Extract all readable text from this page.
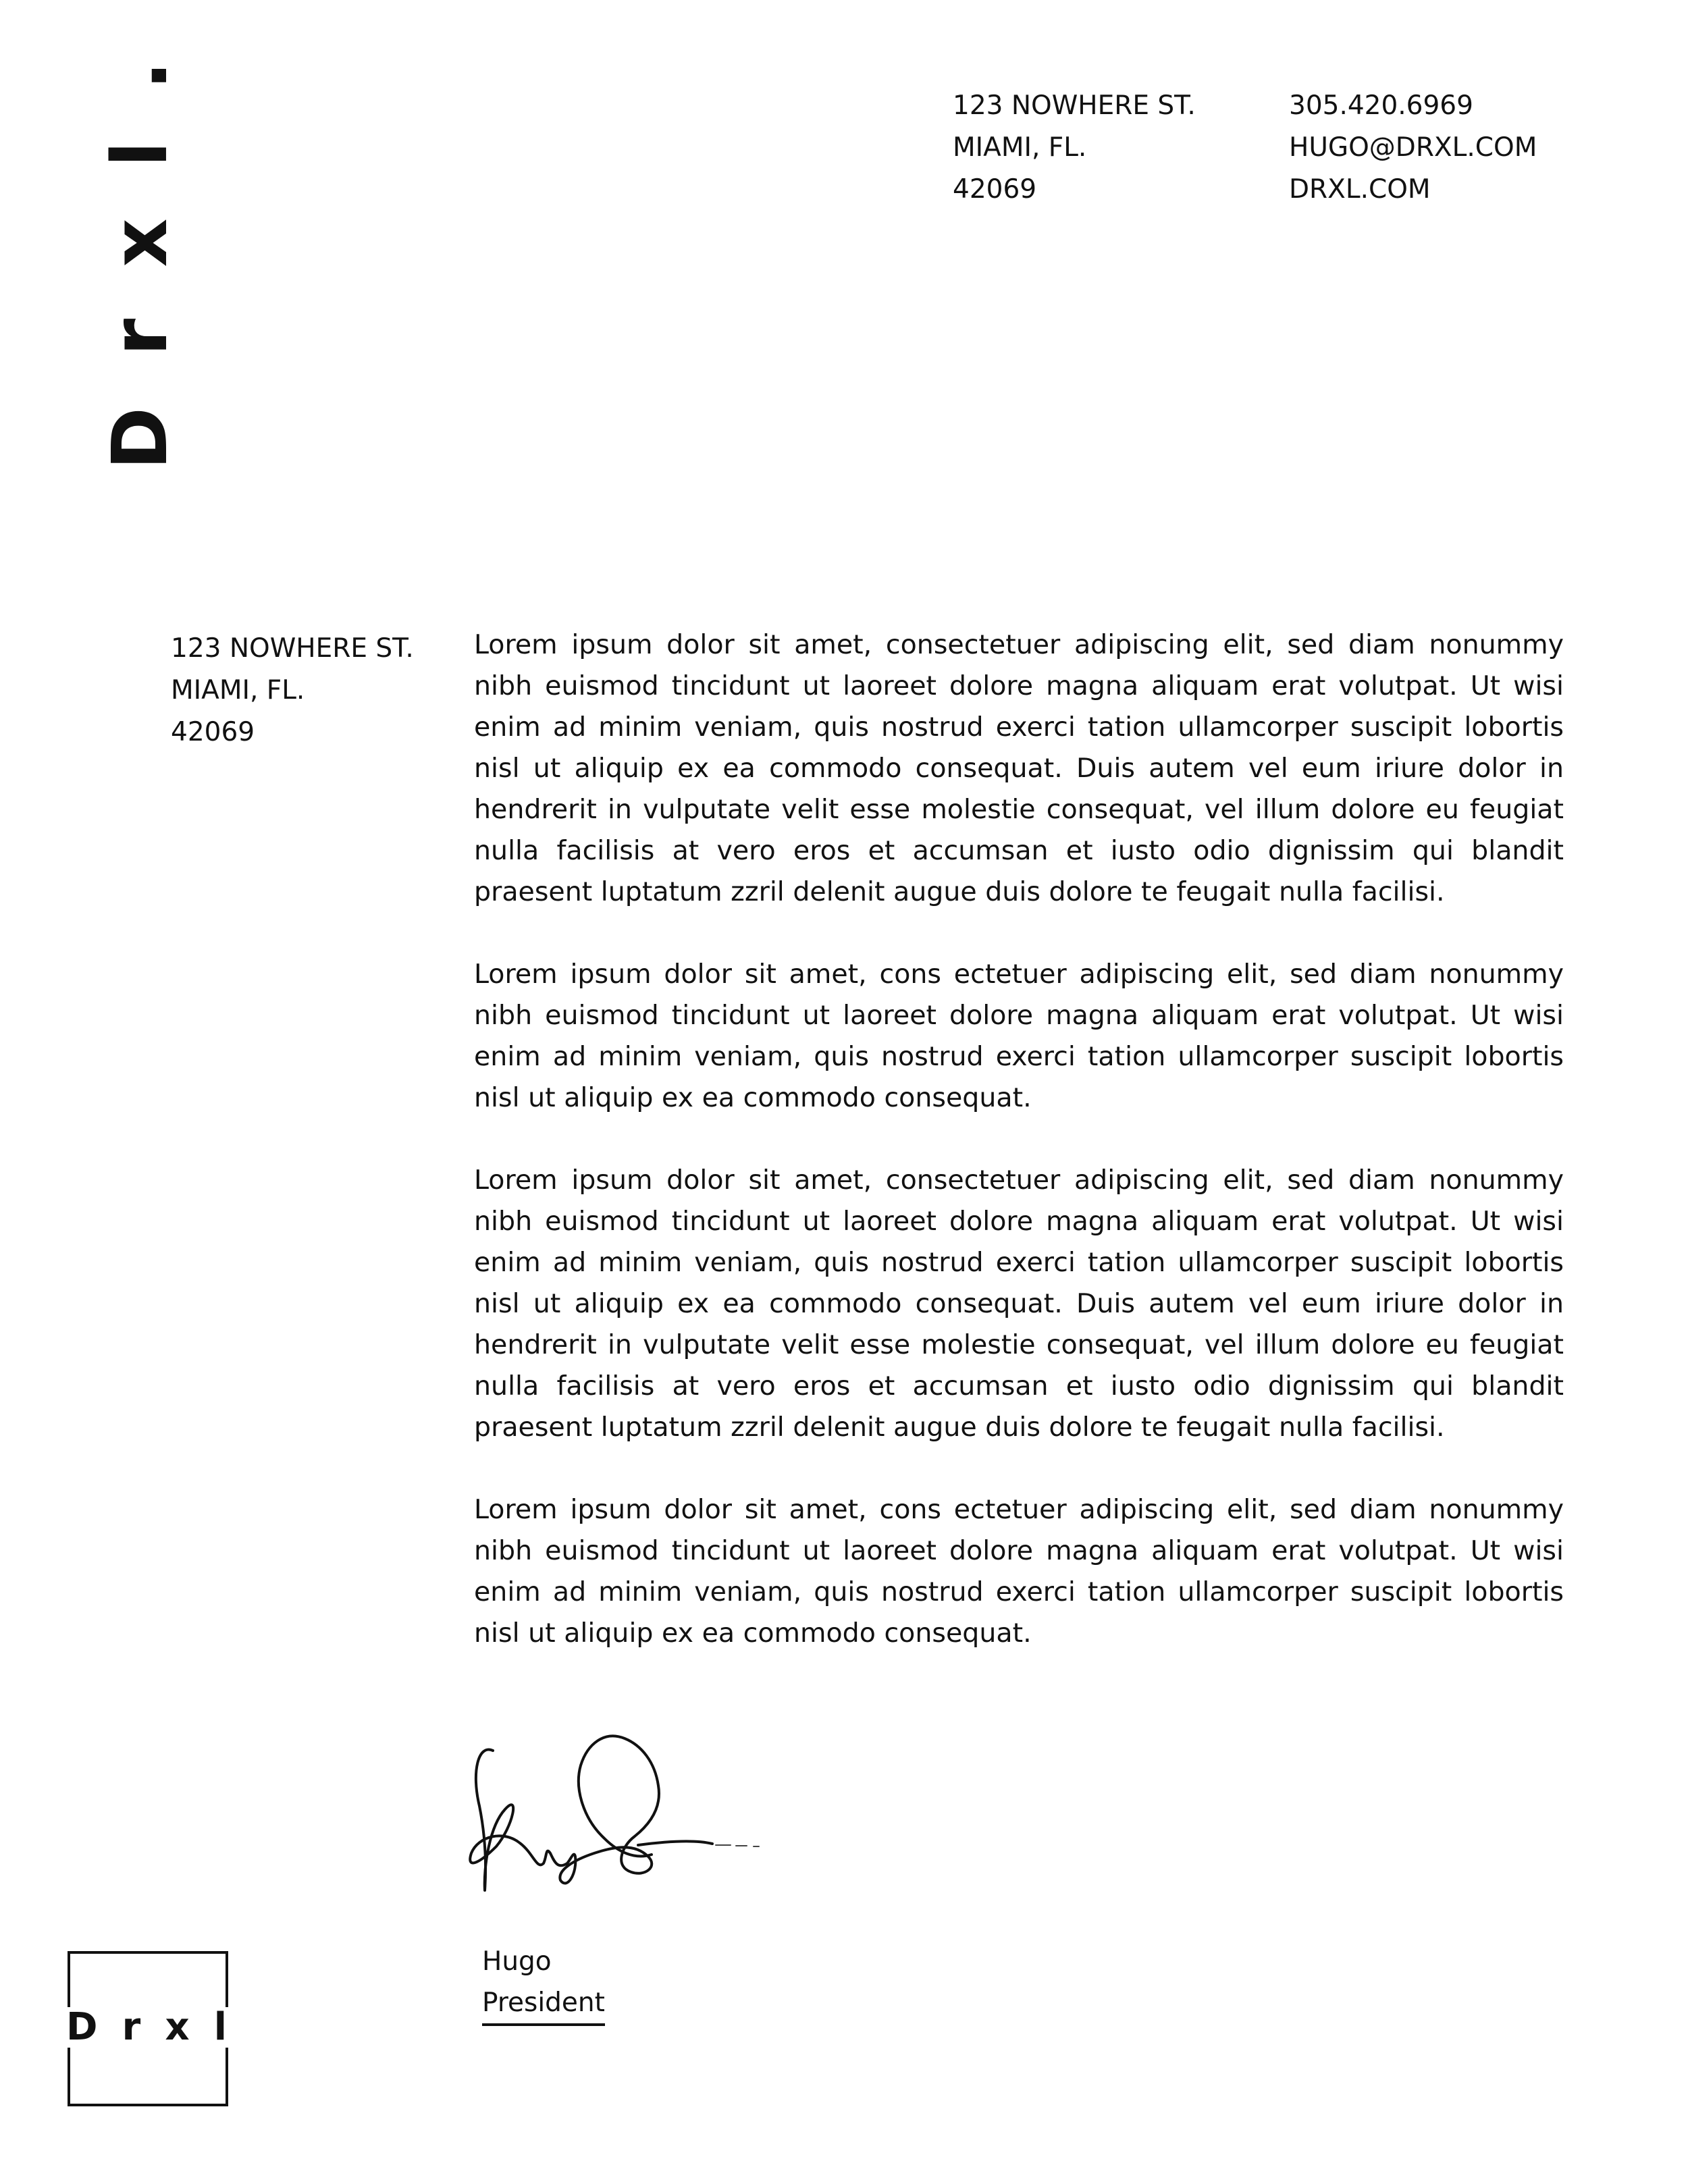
Drxl.	123 NOWHERE ST.
MIAMI, FL.
42069
305.420.6969
HUGO@DRXL.COM
DRXL.COM
123 NOWHERE ST.
MIAMI, FL.
42069

Lorem ipsum dolor sit amet, consectetuer adipiscing elit, sed diam nonummy nibh euismod tincidunt ut laoreet dolore magna aliquam erat volutpat. Ut wisi enim ad minim veniam, quis nostrud exerci tation ullamcorper suscipit lobortis nisl ut aliquip ex ea commodo consequat. Duis autem vel eum iriure dolor in hendrerit in vulputate velit esse molestie consequat, vel illum dolore eu feugiat nulla facilisis at vero eros et accumsan et iusto odio dignissim qui blandit praesent luptatum zzril delenit augue duis dolore te feugait nulla facilisi.

Lorem ipsum dolor sit amet, cons ectetuer adipiscing elit, sed diam nonummy nibh euismod tincidunt ut laoreet dolore magna aliquam erat volutpat. Ut wisi enim ad minim veniam, quis nostrud exerci tation ullamcorper suscipit lobortis nisl ut aliquip ex ea commodo consequat.

Lorem ipsum dolor sit amet, consectetuer adipiscing elit, sed diam nonummy nibh euismod tincidunt ut laoreet dolore magna aliquam erat volutpat. Ut wisi enim ad minim veniam, quis nostrud exerci tation ullamcorper suscipit lobortis nisl ut aliquip ex ea commodo consequat. Duis autem vel eum iriure dolor in hendrerit in vulputate velit esse molestie consequat, vel illum dolore eu feugiat nulla facilisis at vero eros et accumsan et iusto odio dignissim qui blandit praesent luptatum zzril delenit augue duis dolore te feugait nulla facilisi.

Lorem ipsum dolor sit amet, cons ectetuer adipiscing elit, sed diam nonummy nibh euismod tincidunt ut laoreet dolore magna aliquam erat volutpat. Ut wisi enim ad minim veniam, quis nostrud exerci tation ullamcorper suscipit lobortis nisl ut aliquip ex ea commodo consequat.

Hugo
President
D r x l
